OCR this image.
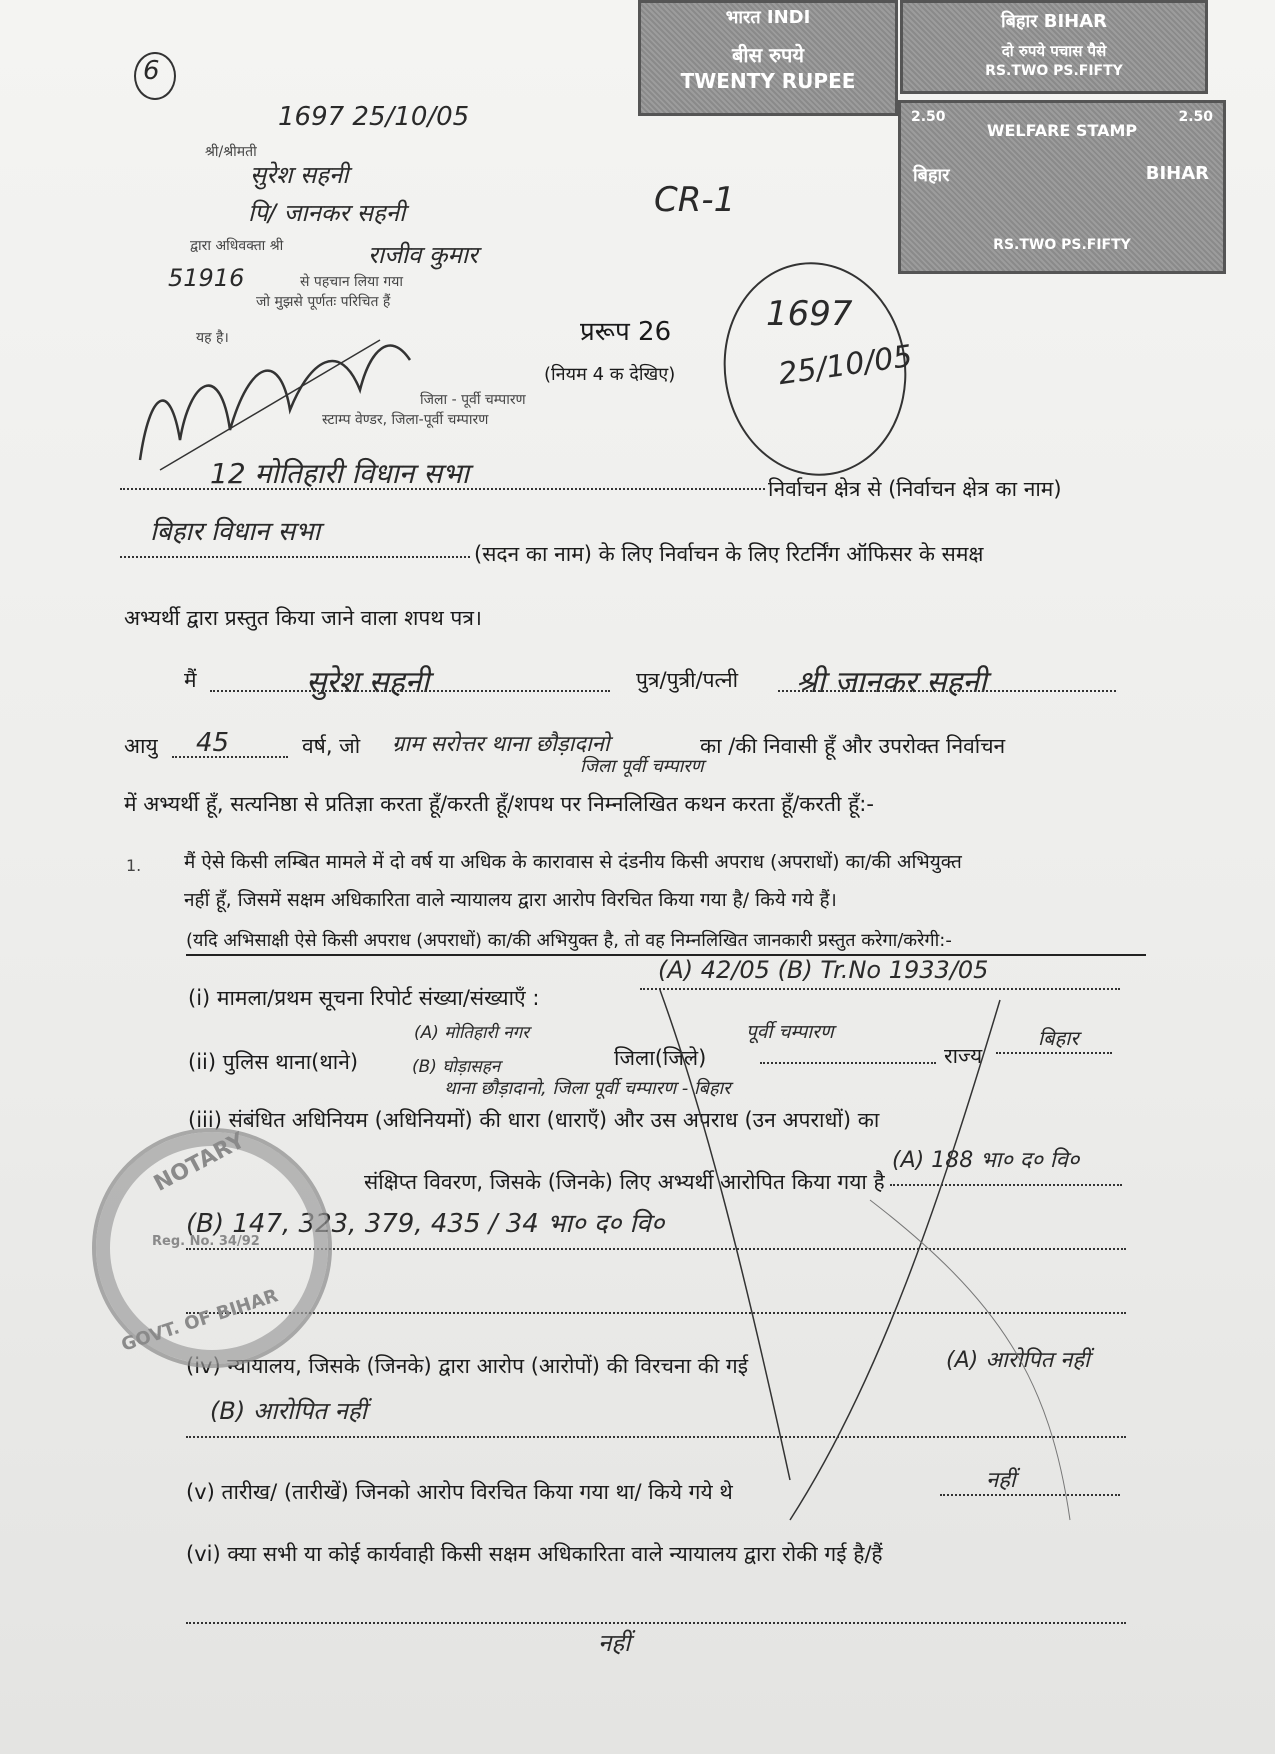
6
भारत INDI
बीस रुपये
TWENTY RUPEE
बिहार BIHAR
दो रुपये पचास पैसे
RS.TWO PS.FIFTY
2.50
WELFARE STAMP
2.50
बिहार	BIHAR
RS.TWO PS.FIFTY
1697 25/10/05
श्री/श्रीमती
सुरेश सहनी
पि/ जानकर सहनी
द्वारा अधिवक्ता श्री	राजीव कुमार
51916	से पहचान लिया गया
जो मुझसे पूर्णतः परिचित हैं
यह है।
जिला - पूर्वी चम्पारण
स्टाम्प वेण्डर, जिला-पूर्वी चम्पारण
CR-1
प्ररूप 26
(नियम 4 क देखिए)
1697
25/10/05
12 मोतिहारी विधान सभा	निर्वाचन क्षेत्र से (निर्वाचन क्षेत्र का नाम)
बिहार विधान सभा
(सदन का नाम) के लिए निर्वाचन के लिए रिटर्निंग ऑफिसर के समक्ष
अभ्यर्थी द्वारा प्रस्तुत किया जाने वाला शपथ पत्र।
मैं	सुरेश सहनी	पुत्र/पुत्री/पत्नी श्री जानकर सहनी
आयु 45	वर्ष, जो ग्राम सरोत्तर थाना छौड़ादानो
जिला पूर्वी चम्पारण
का /की निवासी हूँ और उपरोक्त निर्वाचन
में अभ्यर्थी हूँ, सत्यनिष्ठा से प्रतिज्ञा करता हूँ/करती हूँ/शपथ पर निम्नलिखित कथन करता हूँ/करती हूँ:-
1. मैं ऐसे किसी लम्बित मामले में दो वर्ष या अधिक के कारावास से दंडनीय किसी अपराध (अपराधों) का/की अभियुक्त
नहीं हूँ, जिसमें सक्षम अधिकारिता वाले न्यायालय द्वारा आरोप विरचित किया गया है/ किये गये हैं।
(यदि अभिसाक्षी ऐसे किसी अपराध (अपराधों) का/की अभियुक्त है, तो वह निम्नलिखित जानकारी प्रस्तुत करेगा/करेगी:-
(A) 42/05 (B) Tr.No 1933/05
(i) मामला/प्रथम सूचना रिपोर्ट संख्या/संख्याएँ :
(A) मोतिहारी नगर
(ii) पुलिस थाना(थाने)	(B) घोड़ासहन	जिला(जिले)
पूर्वी चम्पारण
राज्य
बिहार
थाना छौड़ादानो, जिला पूर्वी चम्पारण - बिहार
(iii) संबंधित अधिनियम (अधिनियमों) की धारा (धाराएँ) और उस अपराध (उन अपराधों) का
(A) 188 भा० द० वि०
संक्षिप्त विवरण, जिसके (जिनके) लिए अभ्यर्थी आरोपित किया गया है
(B) 147, 323, 379, 435 / 34 भा० द० वि०
(iv) न्यायालय, जिसके (जिनके) द्वारा आरोप (आरोपों) की विरचना की गई	(A) आरोपित नहीं
(B) आरोपित नहीं
(v) तारीख/ (तारीखें) जिनको आरोप विरचित किया गया था/ किये गये थे	नहीं
(vi) क्या सभी या कोई कार्यवाही किसी सक्षम अधिकारिता वाले न्यायालय द्वारा रोकी गई है/हैं
नहीं
NOTARY
Reg. No. 34/92
GOVT. OF BIHAR
